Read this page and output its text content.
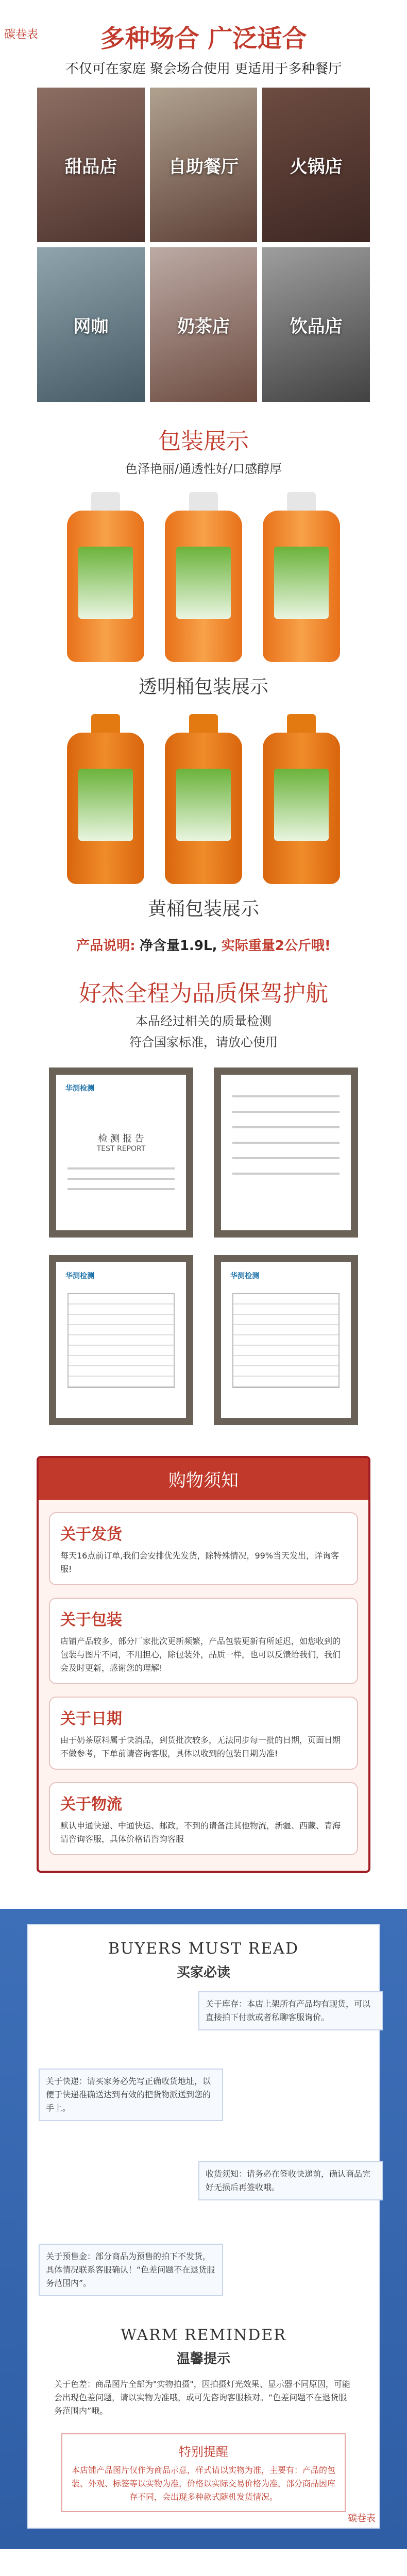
碳巷表	多种场合 广泛适合
不仅可在家庭 聚会场合使用 更适用于多种餐厅
甜品店	自助餐厅	火锅店
网咖	奶茶店	饮品店
包装展示
色泽艳丽/通透性好/口感醇厚
透明桶包装展示
黄桶包装展示
产品说明: 净含量1.9L, 实际重量2公斤哦!
好杰全程为品质保驾护航
本品经过相关的质量检测
符合国家标准，请放心使用
华测检测
检 测 报 告
TEST REPORT
华测检测	华测检测
购物须知
关于发货

每天16点前订单,我们会安排优先发货，除特殊情况，99%当天发出，详询客服!

关于包装

店铺产品较多，部分厂家批次更新频繁，产品包装更新有所延迟，如您收到的包装与图片不同，不用担心，除包装外，品质一样，也可以反馈给我们，我们会及时更新，感谢您的理解!

关于日期

由于奶茶原料属于快消品，到货批次较多，无法同步每一批的日期，页面日期不做参考，下单前请咨询客服，具体以收到的包装日期为准!

关于物流

默认申通快递、中通快运、邮政，不到的请备注其他物流，新疆、西藏、青海请咨询客服，具体价格请咨询客服

BUYERS MUST READ
买家必读
关于库存：本店上架所有产品均有现货，可以直接拍下付款或者私聊客服询价。
关于快递：请买家务必先写正确收货地址，以便于快递准确送达到有效的把货物派送到您的手上。
收货须知：请务必在签收快递前，确认商品完好无损后再签收哦。
关于预售金：部分商品为预售的拍下不发货，具体情况联系客服确认！“色差问题不在退货服务范围内”。
WARM REMINDER
温馨提示
关于色差：商品图片全部为"实物拍摄"，因拍摄灯光效果、显示器不同原因，可能会出现色差问题，请以实物为准哦，或可先咨询客服核对。“色差问题不在退货服务范围内”哦。
特别提醒
本店铺产品图片仅作为商品示意，样式请以实物为准，主要有：产品的包装、外观、标签等以实物为准，价格以实际交易价格为准，部分商品因库存不同，会出现多种款式随机发货情况。
碳巷表
